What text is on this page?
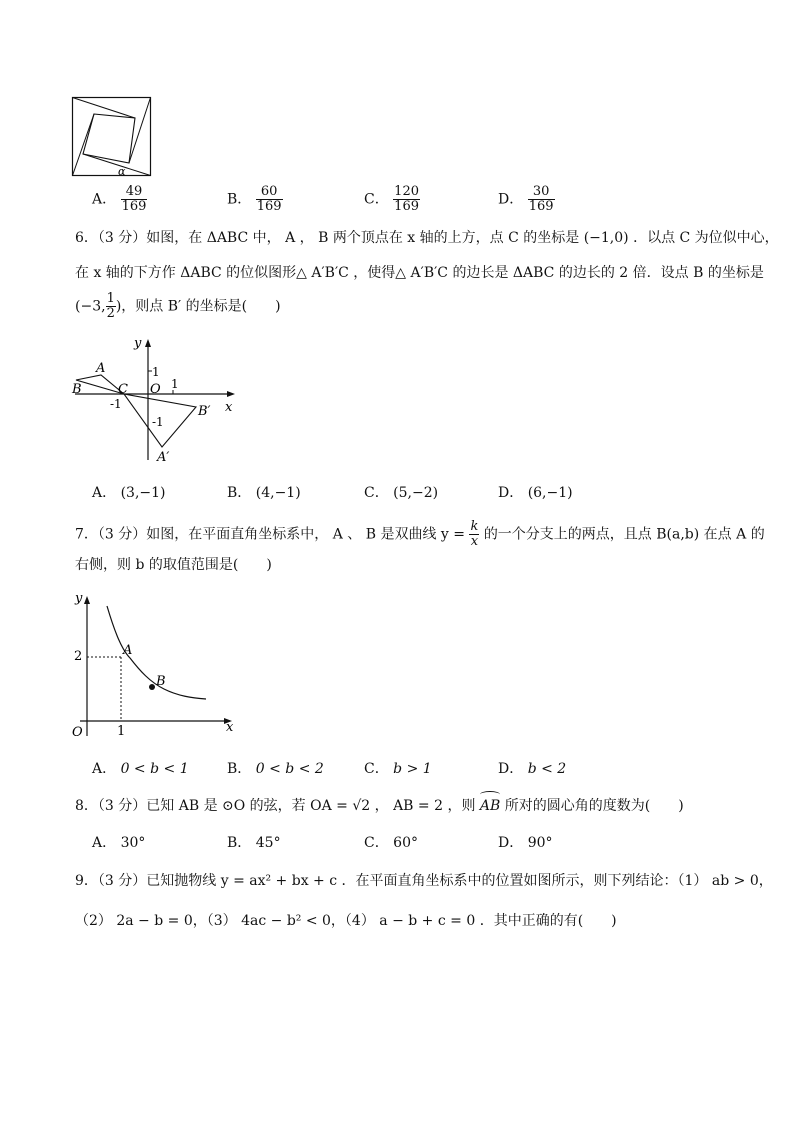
α
A． $\frac{49}{169}$	B． $\frac{60}{169}$	C． $\frac{120}{169}$	D． $\frac{30}{169}$
6．（3 分）如图，在 ΔABC 中， A ， B 两个顶点在 x 轴的上方，点 C 的坐标是 (−1,0) ．以点 C 为位似中心，
在 x 轴的下方作 ΔABC 的位似图形△ A′B′C ，使得△ A′B′C 的边长是 ΔABC 的边长的 2 倍．设点 B 的坐标是
(−3, $\frac{1}{2}$ )，则点 B′ 的坐标是(　　)
y
x
A
B	C O
1
1
-1
-1
B′
A′
A． (3,−1)	B． (4,−1)	C． (5,−2)	D． (6,−1)
7．（3 分）如图，在平面直角坐标系中， A 、 B 是双曲线 $y = \frac{k}{x}$ 的一个分支上的两点，且点 B(a,b) 在点 A 的
右侧，则 b 的取值范围是(　　)
y
x
O
A
B
2
1
A． 0 < b < 1	B． 0 < b < 2	C． b > 1	D． b < 2
8．（3 分）已知 AB 是 ⊙O 的弦，若 OA = √2 ， AB = 2 ，则 AB 所对的圆心角的度数为(　　)
A． 30°	B． 45°	C． 60°	D． 90°
9．（3 分）已知抛物线 y = ax² + bx + c ．在平面直角坐标系中的位置如图所示，则下列结论：（1） ab > 0，
（2） 2a − b = 0，（3） 4ac − b² < 0，（4） a − b + c = 0 ．其中正确的有(　　)
